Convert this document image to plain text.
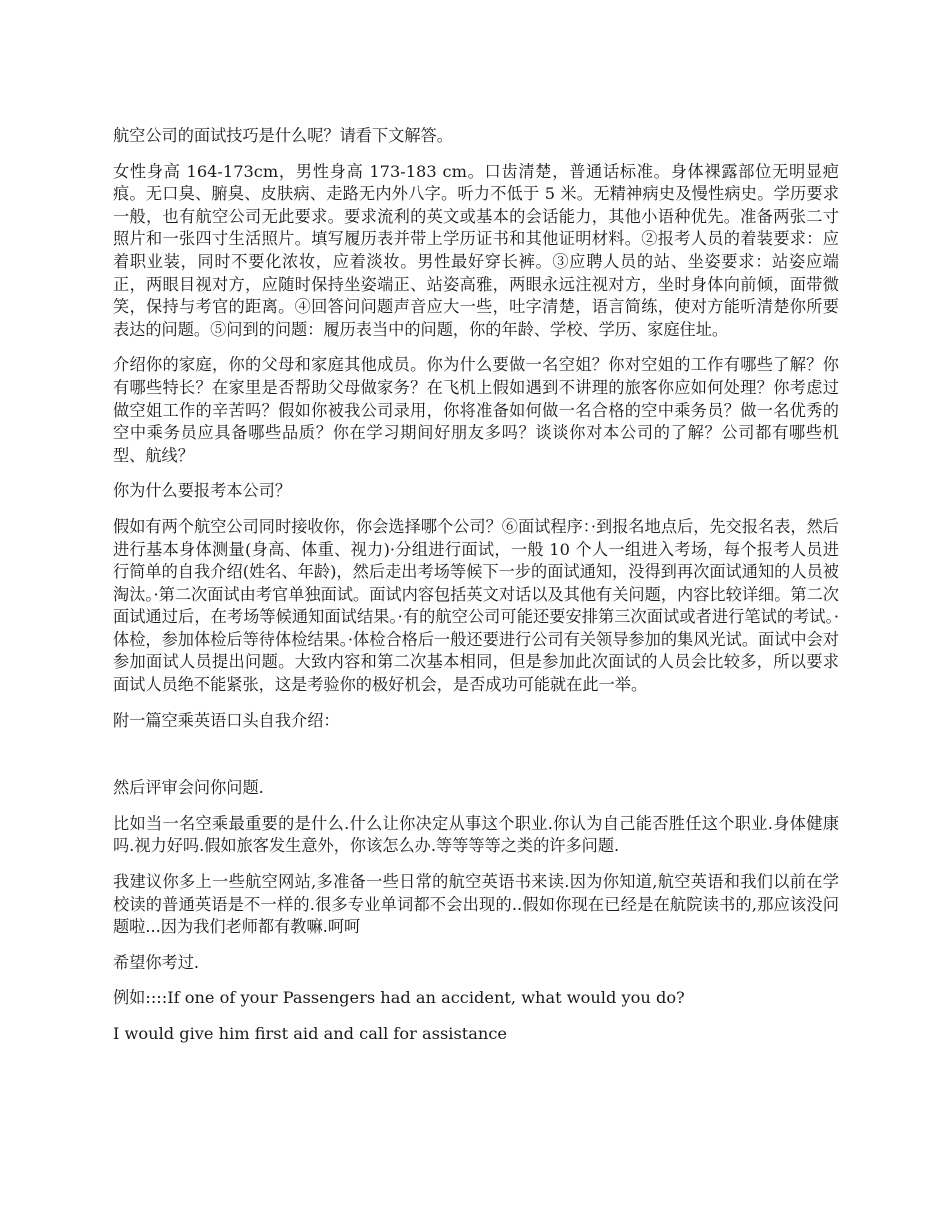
航空公司的面试技巧是什么呢？请看下文解答。

女性身高 164-173cm，男性身高 173-183 cm。口齿清楚，普通话标准。身体裸露部位无明显疤痕。无口臭、腑臭、皮肤病、走路无内外八字。听力不低于 5 米。无精神病史及慢性病史。学历要求一般，也有航空公司无此要求。要求流利的英文或基本的会话能力，其他小语种优先。准备两张二寸照片和一张四寸生活照片。填写履历表并带上学历证书和其他证明材料。②报考人员的着装要求：应着职业装，同时不要化浓妆，应着淡妆。男性最好穿长裤。③应聘人员的站、坐姿要求：站姿应端正，两眼目视对方，应随时保持坐姿端正、站姿高雅，两眼永远注视对方，坐时身体向前倾，面带微笑，保持与考官的距离。④回答问问题声音应大一些，吐字清楚，语言简练，使对方能听清楚你所要表达的问题。⑤问到的问题：履历表当中的问题，你的年龄、学校、学历、家庭住址。

介绍你的家庭，你的父母和家庭其他成员。你为什么要做一名空姐？你对空姐的工作有哪些了解？你有哪些特长？在家里是否帮助父母做家务？在飞机上假如遇到不讲理的旅客你应如何处理？你考虑过做空姐工作的辛苦吗？假如你被我公司录用，你将准备如何做一名合格的空中乘务员？做一名优秀的空中乘务员应具备哪些品质？你在学习期间好朋友多吗？谈谈你对本公司的了解？公司都有哪些机型、航线？

你为什么要报考本公司？

假如有两个航空公司同时接收你，你会选择哪个公司？⑥面试程序：·到报名地点后，先交报名表，然后进行基本身体测量(身高、体重、视力)·分组进行面试，一般 10 个人一组进入考场，每个报考人员进行简单的自我介绍(姓名、年龄)，然后走出考场等候下一步的面试通知，没得到再次面试通知的人员被淘汰。·第二次面试由考官单独面试。面试内容包括英文对话以及其他有关问题，内容比较详细。第二次面试通过后，在考场等候通知面试结果。·有的航空公司可能还要安排第三次面试或者进行笔试的考试。·体检，参加体检后等待体检结果。·体检合格后一般还要进行公司有关领导参加的集风光试。面试中会对参加面试人员提出问题。大致内容和第二次基本相同，但是参加此次面试的人员会比较多，所以要求面试人员绝不能紧张，这是考验你的极好机会，是否成功可能就在此一举。

附一篇空乘英语口头自我介绍：

然后评审会问你问题.

比如当一名空乘最重要的是什么.什么让你决定从事这个职业.你认为自己能否胜任这个职业.身体健康吗.视力好吗.假如旅客发生意外，你该怎么办.等等等等之类的许多问题.

我建议你多上一些航空网站,多准备一些日常的航空英语书来读.因为你知道,航空英语和我们以前在学校读的普通英语是不一样的.很多专业单词都不会出现的..假如你现在已经是在航院读书的,那应该没问题啦...因为我们老师都有教嘛.呵呵

希望你考过.

例如::::If one of your Passengers had an accident, what would you do?

I would give him first aid and call for assistance
